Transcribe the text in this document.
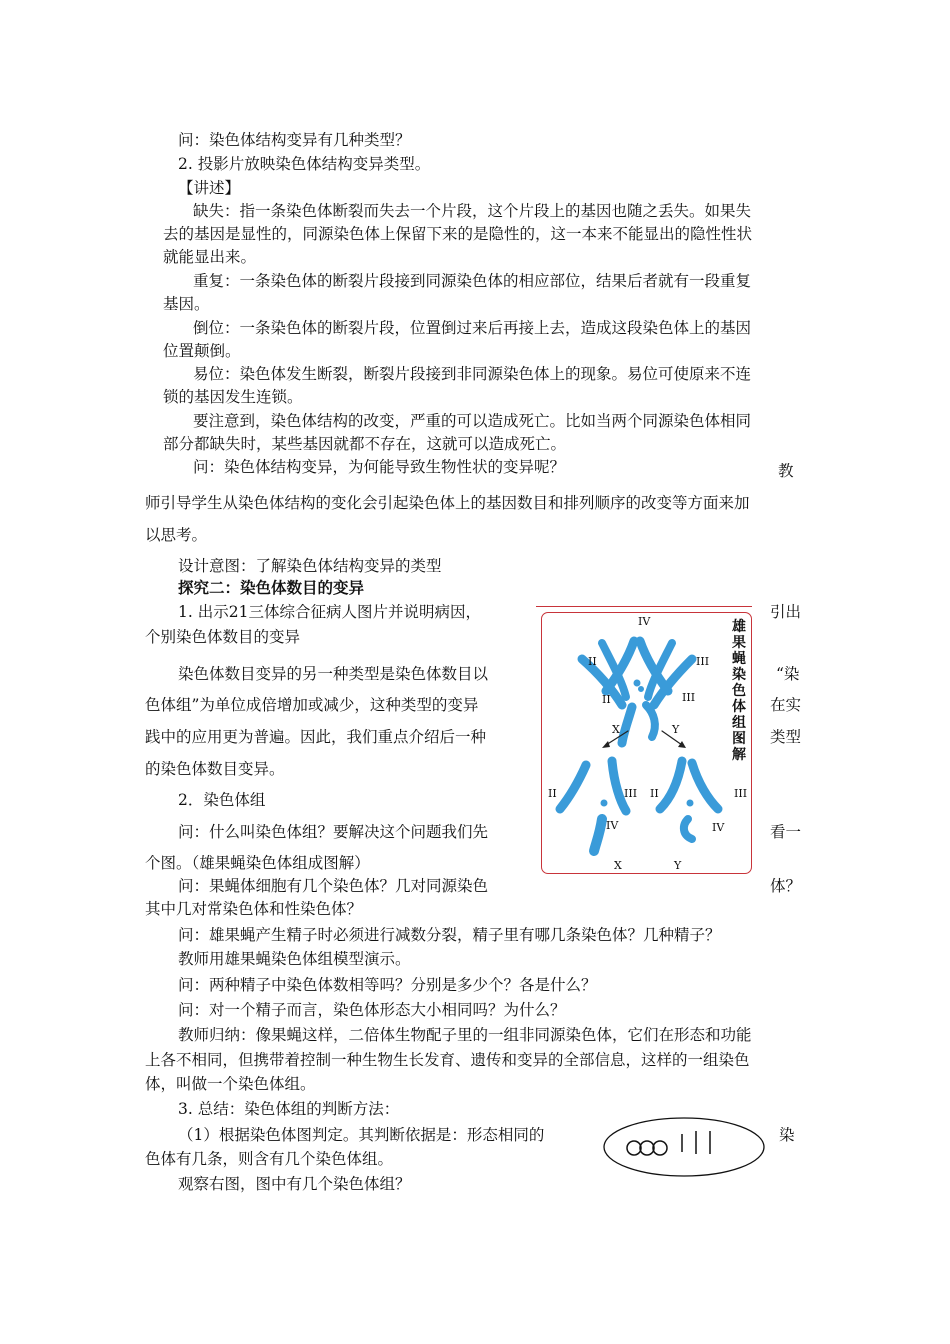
问：染色体结构变异有几种类型？
2. 投影片放映染色体结构变异类型。
【讲述】
缺失：指一条染色体断裂而失去一个片段，这个片段上的基因也随之丢失。如果失
去的基因是显性的，同源染色体上保留下来的是隐性的，这一本来不能显出的隐性性状
就能显出来。
重复：一条染色体的断裂片段接到同源染色体的相应部位，结果后者就有一段重复
基因。
倒位：一条染色体的断裂片段，位置倒过来后再接上去，造成这段染色体上的基因
位置颠倒。
易位：染色体发生断裂，断裂片段接到非同源染色体上的现象。易位可使原来不连
锁的基因发生连锁。
要注意到，染色体结构的改变，严重的可以造成死亡。比如当两个同源染色体相同
部分都缺失时，某些基因就都不存在，这就可以造成死亡。
问：染色体结构变异，为何能导致生物性状的变异呢？	教
师引导学生从染色体结构的变化会引起染色体上的基因数目和排列顺序的改变等方面来加
以思考。
设计意图：了解染色体结构变异的类型
探究二：染色体数目的变异
1. 出示21三体综合征病人图片并说明病因，	引出
个别染色体数目的变异
染色体数目变异的另一种类型是染色体数目以	“染
色体组”为单位成倍增加或减少，这种类型的变异	在实
践中的应用更为普遍。因此，我们重点介绍后一种	类型
的染色体数目变异。
2．染色体组
问：什么叫染色体组？要解决这个问题我们先	看一
个图。（雄果蝇染色体组成图解）
问：果蝇体细胞有几个染色体？几对同源染色	体？
其中几对常染色体和性染色体？
问：雄果蝇产生精子时必须进行减数分裂，精子里有哪几条染色体？几种精子？
教师用雄果蝇染色体组模型演示。
问：两种精子中染色体数相等吗？分别是多少个？各是什么？
问：对一个精子而言，染色体形态大小相同吗？为什么？
教师归纳：像果蝇这样，二倍体生物配子里的一组非同源染色体，它们在形态和功能
上各不相同，但携带着控制一种生物生长发育、遗传和变异的全部信息，这样的一组染色
体，叫做一个染色体组。
3. 总结：染色体组的判断方法：
（1）根据染色体图判定。其判断依据是：形态相同的	染
色体有几条，则含有几个染色体组。
观察右图，图中有几个染色体组？
雄果蝇染色体组图解
IV
II	III
II	III
X	Y
II	III II	III
IV	IV
X	Y
